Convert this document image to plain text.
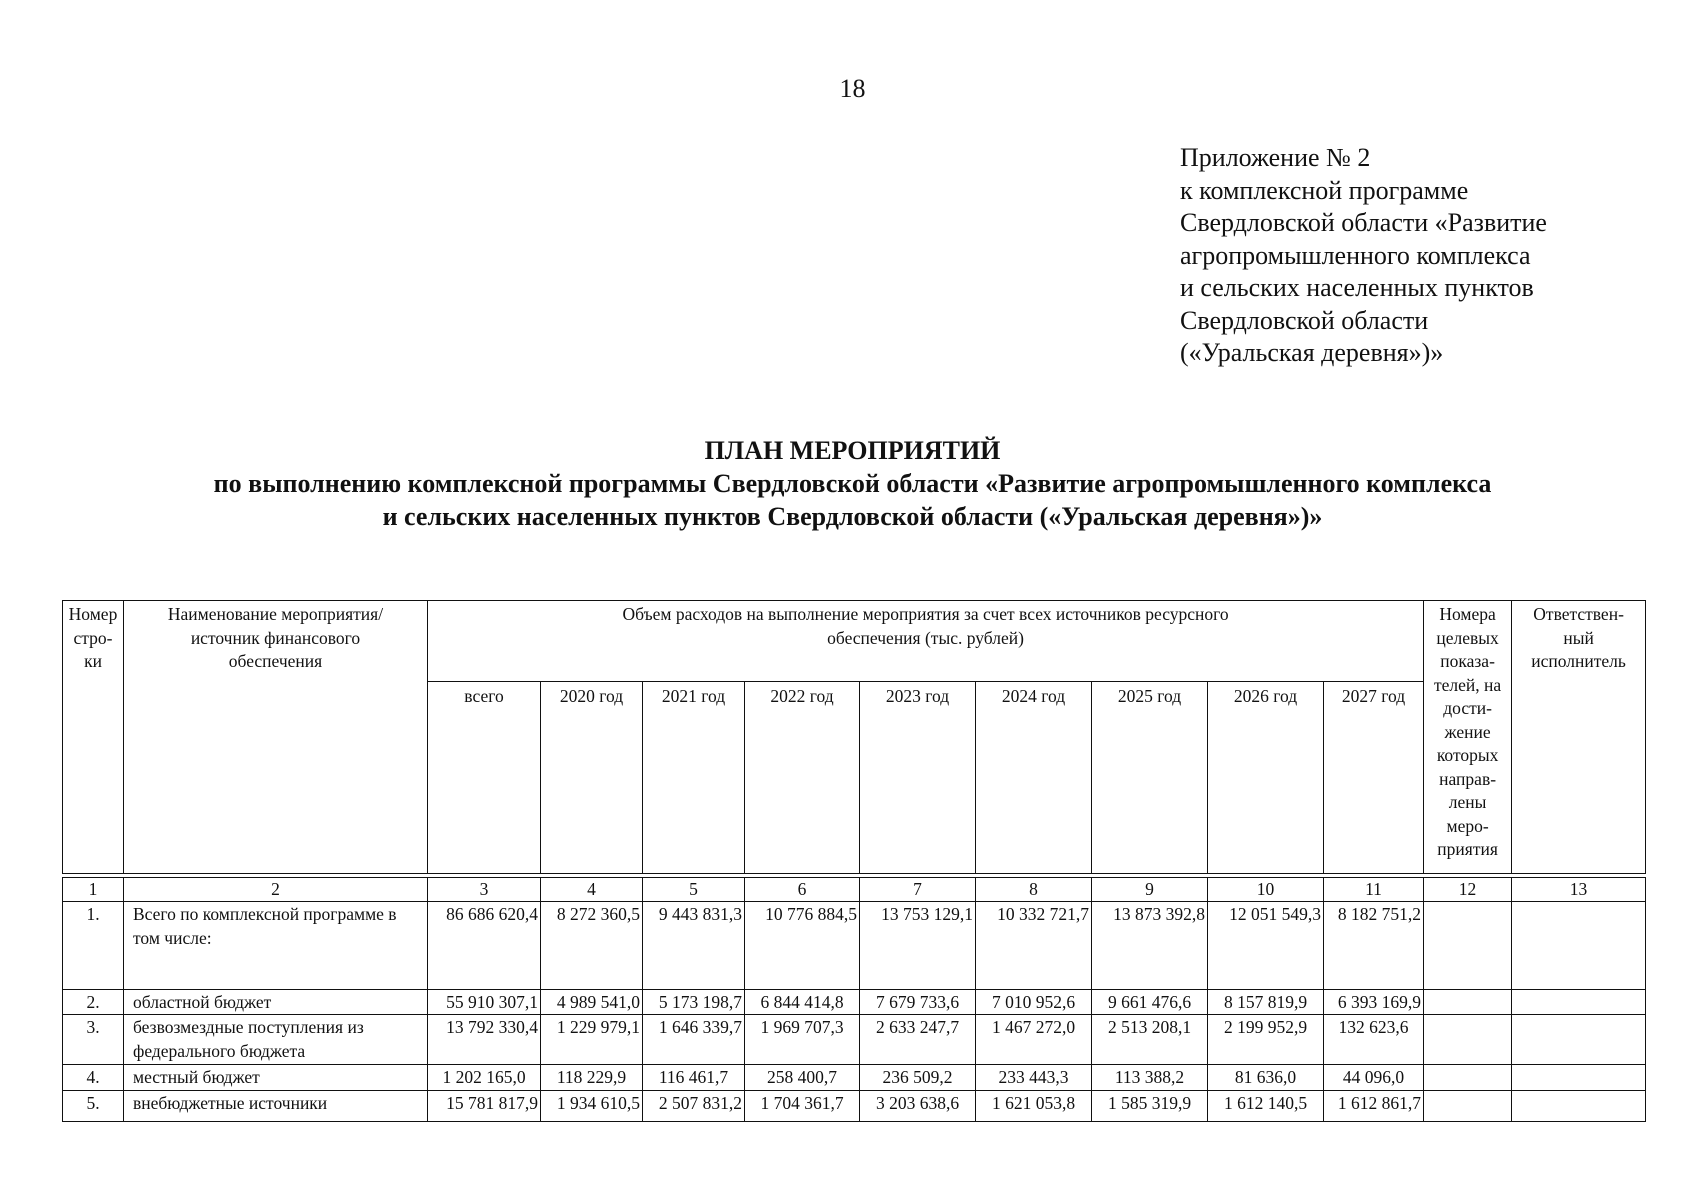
18
Приложение № 2
к комплексной программе
Свердловской области «Развитие
агропромышленного комплекса
и сельских населенных пунктов
Свердловской области
(«Уральская деревня»)»
ПЛАН МЕРОПРИЯТИЙ
по выполнению комплексной программы Свердловской области «Развитие агропромышленного комплекса
и сельских населенных пунктов Свердловской области («Уральская деревня»)»
Номер стро-ки	Наименование мероприятия/источник финансового обеспечения	Объем расходов на выполнение мероприятия за счет всех источников ресурсного обеспечения (тыс. рублей)									Номера целевых показа-телей, на дости-жение которых направ-лены меро-приятия	Ответствен-ный исполнитель
		всего	2020 год	2021 год	2022 год	2023 год	2024 год	2025 год	2026 год	2027 год		
1	2	3	4	5	6	7	8	9	10	11	12	13
1.	Всего по комплексной программе в том числе:	86 686 620,4	8 272 360,5	9 443 831,3	10 776 884,5	13 753 129,1	10 332 721,7	13 873 392,8	12 051 549,3	8 182 751,2		
2.	областной бюджет	55 910 307,1	4 989 541,0	5 173 198,7	6 844 414,8	7 679 733,6	7 010 952,6	9 661 476,6	8 157 819,9	6 393 169,9		
3.	безвозмездные поступления из федерального бюджета	13 792 330,4	1 229 979,1	1 646 339,7	1 969 707,3	2 633 247,7	1 467 272,0	2 513 208,1	2 199 952,9	132 623,6		
4.	местный бюджет	1 202 165,0	118 229,9	116 461,7	258 400,7	236 509,2	233 443,3	113 388,2	81 636,0	44 096,0		
5.	внебюджетные источники	15 781 817,9	1 934 610,5	2 507 831,2	1 704 361,7	3 203 638,6	1 621 053,8	1 585 319,9	1 612 140,5	1 612 861,7		
